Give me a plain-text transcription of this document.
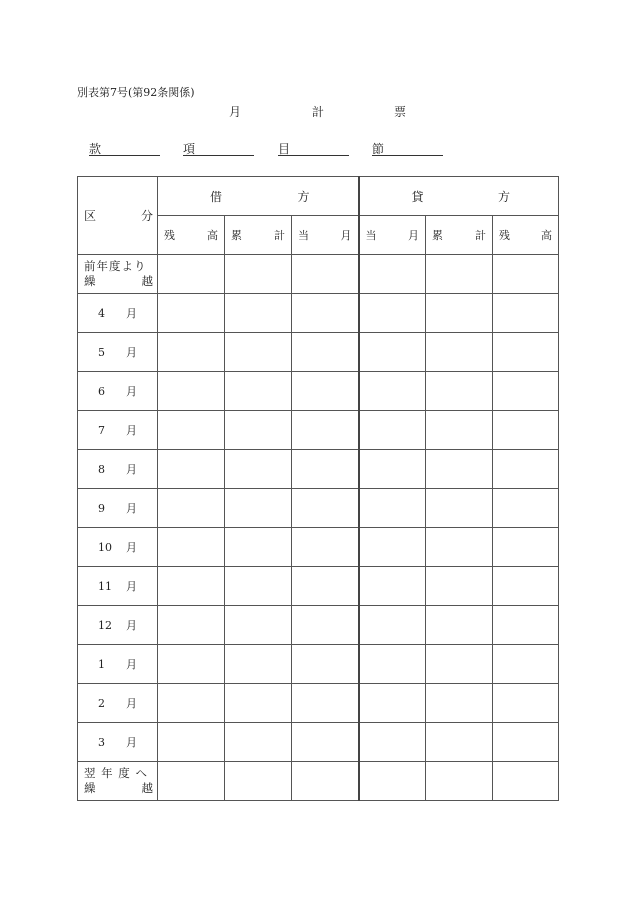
別表第7号(第92条関係)
月	計	票
款	項	目	節
区 分	借 方			貸 方		

	残 高	累 計	当 月	当 月	累 計	残 高

前年度より
繰 越						

4 月						
5 月						
6 月						
7 月						
8 月						
9 月						
10 月						
11 月						
12 月						
1 月						
2 月						
3 月						

翌 年 度 へ
繰 越						
